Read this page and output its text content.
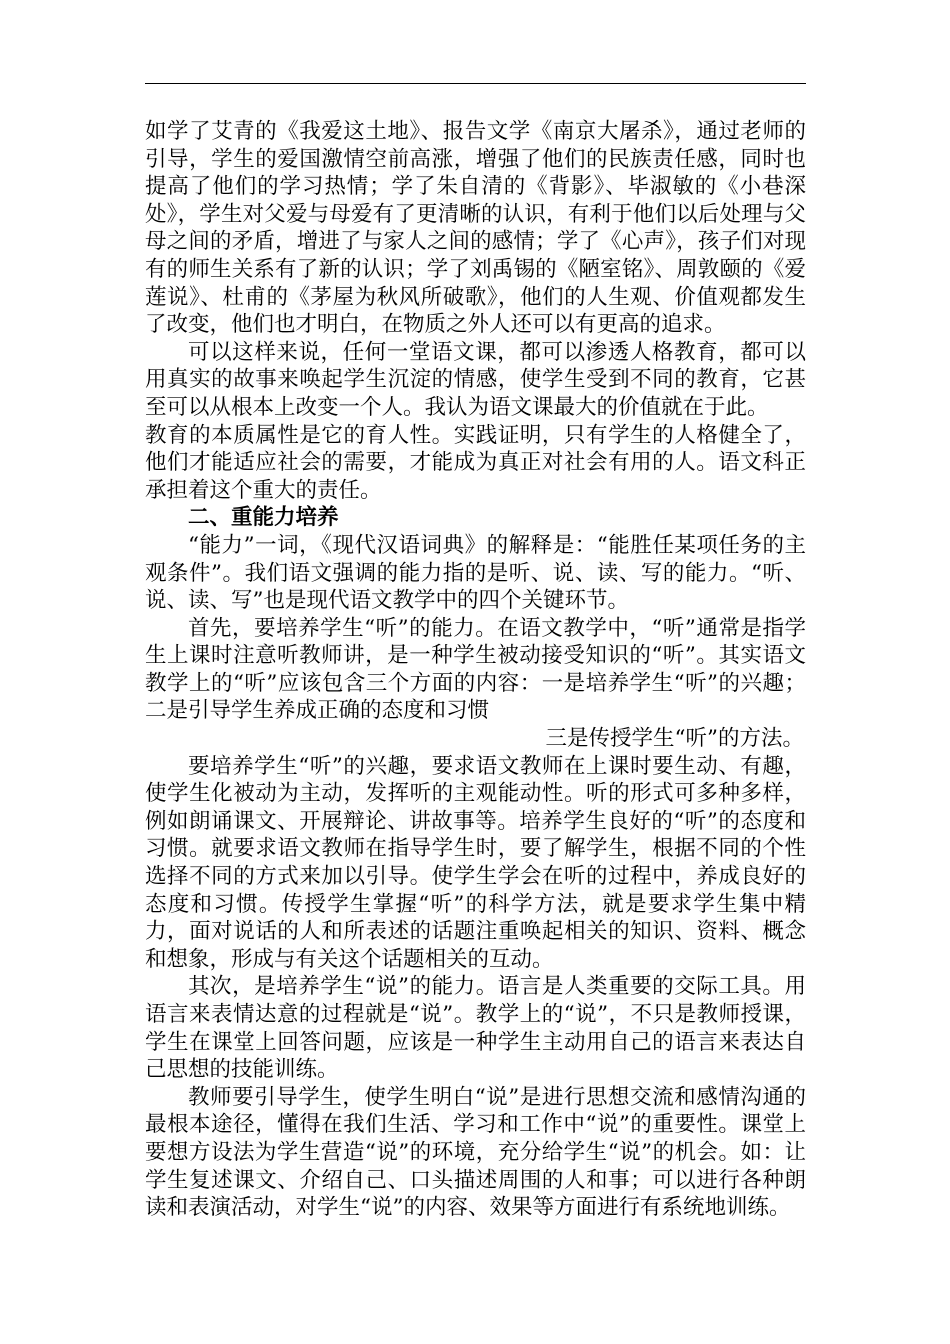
如学了艾青的《我爱这土地》、报告文学《南京大屠杀》，通过老师的引导，学生的爱国激情空前高涨，增强了他们的民族责任感，同时也提高了他们的学习热情；学了朱自清的《背影》、毕淑敏的《小巷深处》，学生对父爱与母爱有了更清晰的认识，有利于他们以后处理与父母之间的矛盾，增进了与家人之间的感情；学了《心声》，孩子们对现有的师生关系有了新的认识；学了刘禹锡的《陋室铭》、周敦颐的《爱莲说》、杜甫的《茅屋为秋风所破歌》，他们的人生观、价值观都发生了改变，他们也才明白，在物质之外人还可以有更高的追求。

可以这样来说，任何一堂语文课，都可以渗透人格教育，都可以用真实的故事来唤起学生沉淀的情感，使学生受到不同的教育，它甚至可以从根本上改变一个人。我认为语文课最大的价值就在于此。

教育的本质属性是它的育人性。实践证明，只有学生的人格健全了，他们才能适应社会的需要，才能成为真正对社会有用的人。语文科正承担着这个重大的责任。

二、重能力培养

“能力”一词，《现代汉语词典》的解释是：“能胜任某项任务的主观条件”。我们语文强调的能力指的是听、说、读、写的能力。“听、说、读、写”也是现代语文教学中的四个关键环节。

首先，要培养学生“听”的能力。在语文教学中，“听”通常是指学生上课时注意听教师讲，是一种学生被动接受知识的“听”。其实语文教学上的“听”应该包含三个方面的内容：一是培养学生“听”的兴趣；二是引导学生养成正确的态度和习惯

三是传授学生“听”的方法。

要培养学生“听”的兴趣，要求语文教师在上课时要生动、有趣，使学生化被动为主动，发挥听的主观能动性。听的形式可多种多样，例如朗诵课文、开展辩论、讲故事等。培养学生良好的“听”的态度和习惯。就要求语文教师在指导学生时，要了解学生，根据不同的个性选择不同的方式来加以引导。使学生学会在听的过程中，养成良好的态度和习惯。传授学生掌握“听”的科学方法，就是要求学生集中精力，面对说话的人和所表述的话题注重唤起相关的知识、资料、概念和想象，形成与有关这个话题相关的互动。

其次，是培养学生“说”的能力。语言是人类重要的交际工具。用语言来表情达意的过程就是“说”。教学上的“说”，不只是教师授课，学生在课堂上回答问题，应该是一种学生主动用自己的语言来表达自己思想的技能训练。

教师要引导学生，使学生明白“说”是进行思想交流和感情沟通的最根本途径，懂得在我们生活、学习和工作中“说”的重要性。课堂上要想方设法为学生营造“说”的环境，充分给学生“说”的机会。如：让学生复述课文、介绍自己、口头描述周围的人和事；可以进行各种朗读和表演活动，对学生“说”的内容、效果等方面进行有系统地训练。
